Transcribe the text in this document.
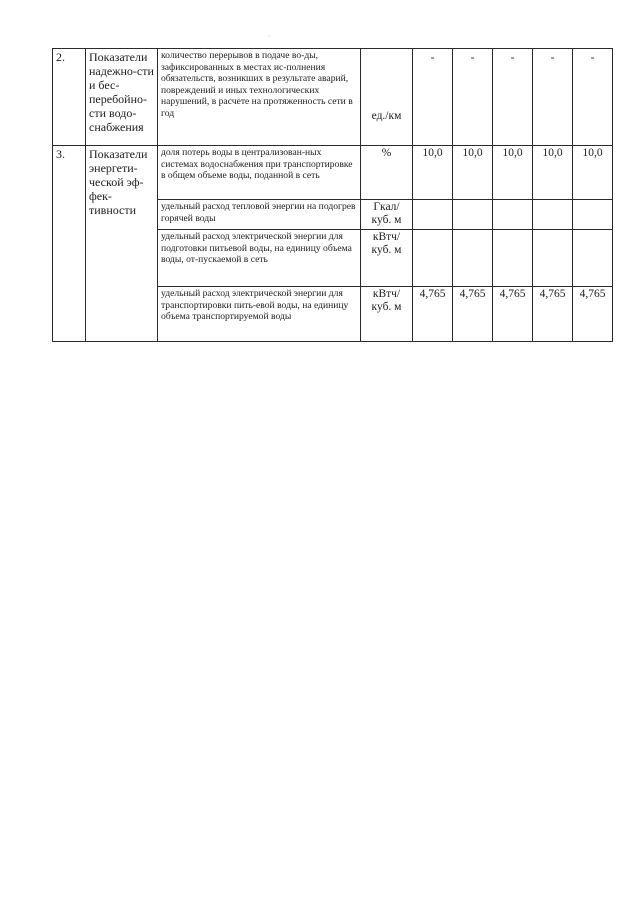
·
2.	Показатели надежно-сти и бес-перебойно-сти водо-снабжения	количество перерывов в подаче во-ды, зафиксированных в местах ис-полнения обязательств, возникших в результате аварий, повреждений и иных технологических нарушений, в расчете на протяженность сети в год	ед./км	-	-	-	-	-
3.	Показатели энергети-ческой эф-фек-тивности	доля потерь воды в централизован-ных системах водоснабжения при транспортировке в общем объеме воды, поданной в сеть	%	10,0	10,0	10,0	10,0	10,0
		удельный расход тепловой энергии на подогрев горячей воды	Гкал/ куб. м					
		удельный расход электрической энергии для подготовки питьевой воды, на единицу объема воды, от-пускаемой в сеть	кВтч/ куб. м					
		удельный расход электрической энергии для транспортировки пить-евой воды, на единицу объема транспортируемой воды	кВтч/ куб. м	4,765	4,765	4,765	4,765	4,765
